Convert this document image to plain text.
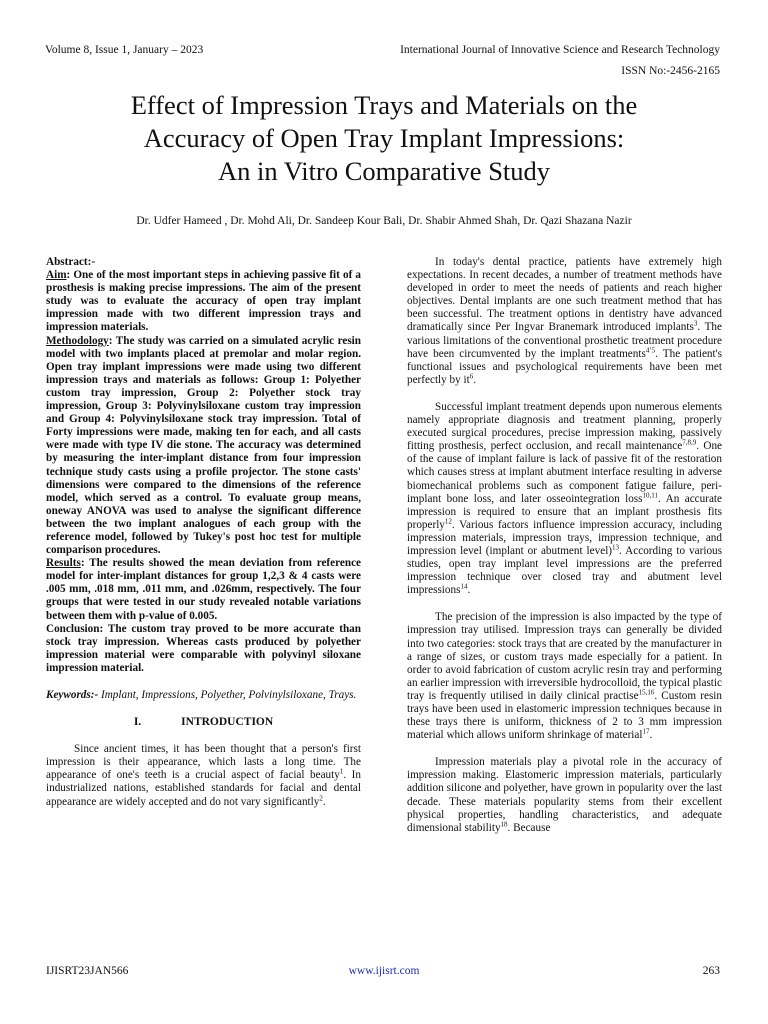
Volume 8, Issue 1, January – 2023	International Journal of Innovative Science and Research Technology
ISSN No:-2456-2165
Effect of Impression Trays and Materials on the
Accuracy of Open Tray Implant Impressions:
An in Vitro Comparative Study
Dr. Udfer Hameed , Dr. Mohd Ali, Dr. Sandeep Kour Bali, Dr. Shabir Ahmed Shah, Dr. Qazi Shazana Nazir

Abstract:-
Aim: One of the most important steps in achieving passive fit of a prosthesis is making precise impressions. The aim of the present study was to evaluate the accuracy of open tray implant impression made with two different impression trays and impression materials.
Methodology: The study was carried on a simulated acrylic resin model with two implants placed at premolar and molar region. Open tray implant impressions were made using two different impression trays and materials as follows: Group 1: Polyether custom tray impression, Group 2: Polyether stock tray impression, Group 3: Polyvinylsiloxane custom tray impression and Group 4: Polyvinylsiloxane stock tray impression. Total of Forty impressions were made, making ten for each, and all casts were made with type IV die stone. The accuracy was determined by measuring the inter-implant distance from four impression technique study casts using a profile projector. The stone casts' dimensions were compared to the dimensions of the reference model, which served as a control. To evaluate group means, oneway ANOVA was used to analyse the significant difference between the two implant analogues of each group with the reference model, followed by Tukey's post hoc test for multiple comparison procedures.
Results: The results showed the mean deviation from reference model for inter-implant distances for group 1,2,3 & 4 casts were .005 mm, .018 mm, .011 mm, and .026mm, respectively. The four groups that were tested in our study revealed notable variations between them with p-value of 0.005.
Conclusion: The custom tray proved to be more accurate than stock tray impression. Whereas casts produced by polyether impression material were comparable with polyvinyl siloxane impression material.

Keywords:- Implant, Impressions, Polyether, Polvinylsiloxane, Trays.

I.	INTRODUCTION

Since ancient times, it has been thought that a person's first impression is their appearance, which lasts a long time. The appearance of one's teeth is a crucial aspect of facial beauty$^1$. In industrialized nations, established standards for facial and dental appearance are widely accepted and do not vary significantly$^2$.

In today's dental practice, patients have extremely high expectations. In recent decades, a number of treatment methods have developed in order to meet the needs of patients and reach higher objectives. Dental implants are one such treatment method that has been successful. The treatment options in dentistry have advanced dramatically since Per Ingvar Branemark introduced implants$^3$. The various limitations of the conventional prosthetic treatment procedure have been circumvented by the implant treatments$^{4’5}$. The patient's functional issues and psychological requirements have been met perfectly by $it^6$.

Successful implant treatment depends upon numerous elements namely appropriate diagnosis and treatment planning, properly executed surgical procedures, precise impression making, passively fitting prosthesis, perfect occlusion, and recall maintenance$^{7,8,9}$. One of the cause of implant failure is lack of passive fit of the restoration which causes stress at implant abutment interface resulting in adverse biomechanical problems such as component fatigue failure, peri-implant bone loss, and later osseointegration loss$^{10,11}$. An accurate impression is required to ensure that an implant prosthesis fits properly$^{12}$. Various factors influence impression accuracy, including impression materials, impression trays, impression technique, and impression level (implant or abutment level)$^{13}$. According to various studies, open tray implant level impressions are the preferred impression technique over closed tray and abutment level impressions$^{14}$.

The precision of the impression is also impacted by the type of impression tray utilised. Impression trays can generally be divided into two categories: stock trays that are created by the manufacturer in a range of sizes, or custom trays made especially for a patient. In order to avoid fabrication of custom acrylic resin tray and performing an earlier impression with irreversible hydrocolloid, the typical plastic tray is frequently utilised in daily clinical practise$^{15,16}$. Custom resin trays have been used in elastomeric impression techniques because in these trays there is uniform, thickness of 2 to 3 mm impression material which allows uniform shrinkage of material$^{17}$.

Impression materials play a pivotal role in the accuracy of impression making. Elastomeric impression materials, particularly addition silicone and polyether, have grown in popularity over the last decade. These materials popularity stems from their excellent physical properties, handling characteristics, and adequate dimensional stability$^{18}$. Because

IJISRT23JAN566	www.ijisrt.com	263
